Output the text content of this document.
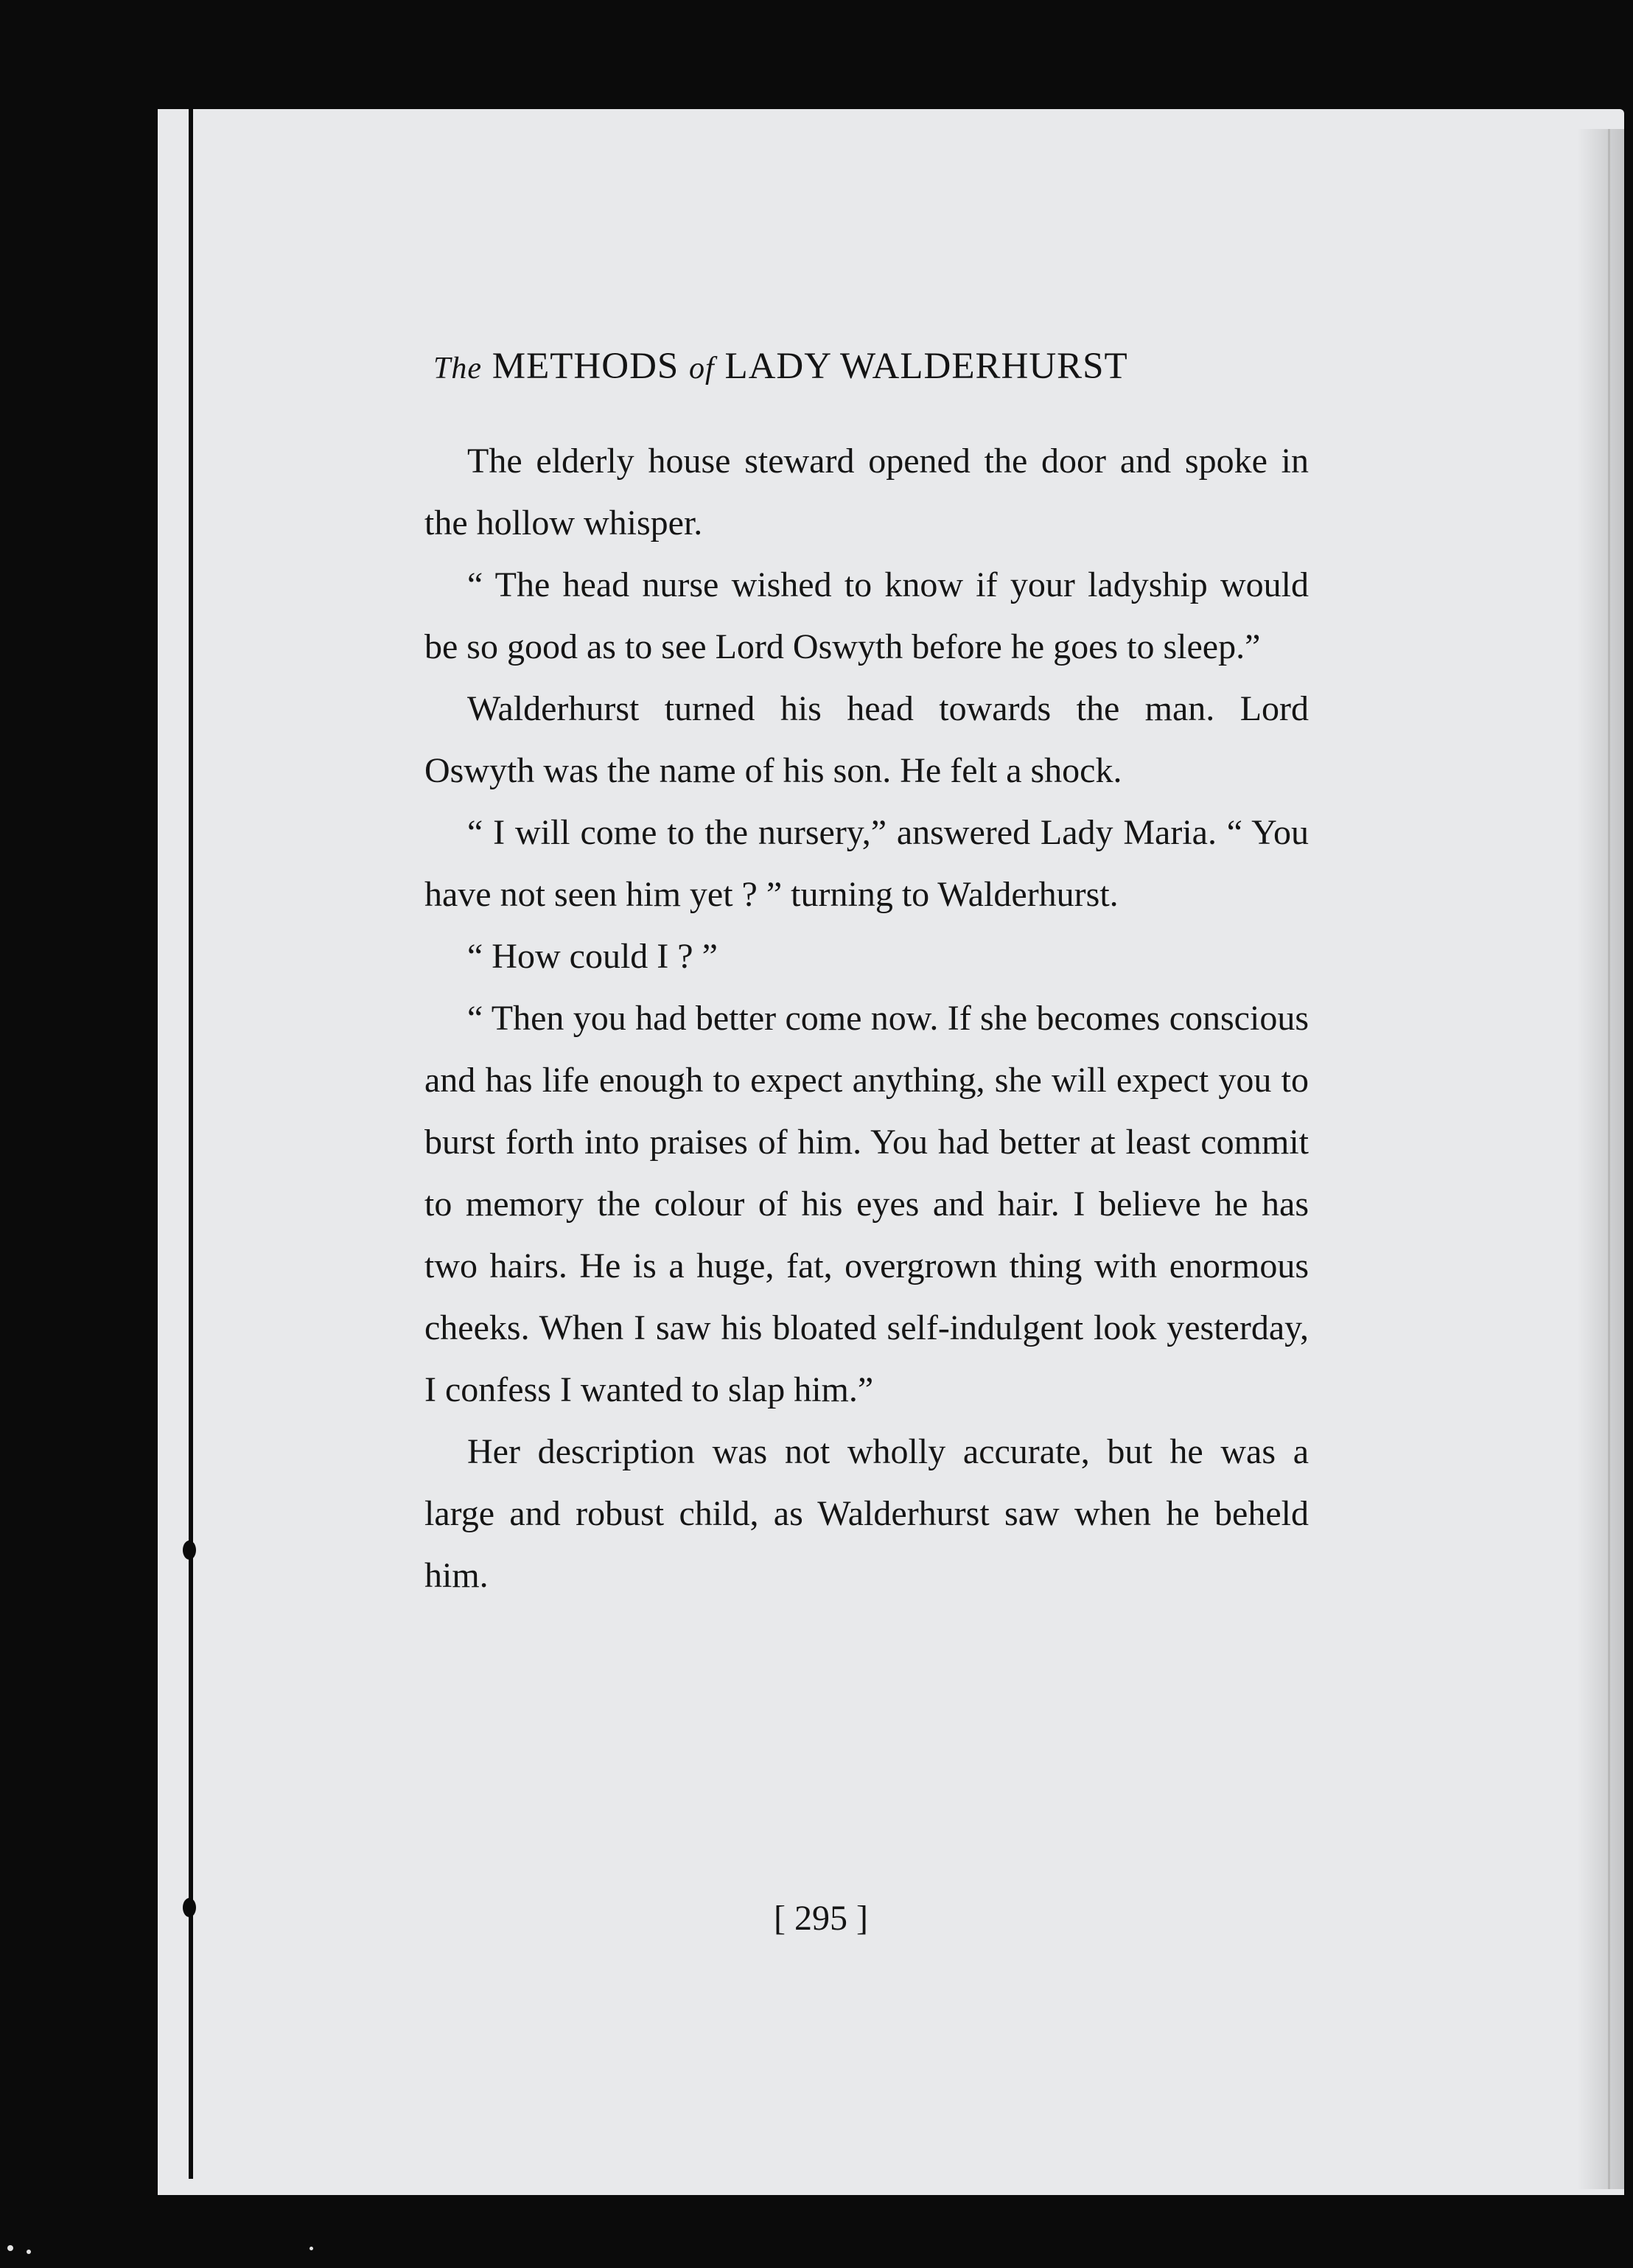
The METHODS of LADY WALDERHURST

The elderly house steward opened the door and spoke in the hollow whisper.

“ The head nurse wished to know if your ladyship would be so good as to see Lord Oswyth before he goes to sleep.”

Walderhurst turned his head towards the man. Lord Oswyth was the name of his son. He felt a shock.

“ I will come to the nursery,” answered Lady Maria. “ You have not seen him yet ? ” turning to Walderhurst.

“ How could I ? ”

“ Then you had better come now. If she becomes conscious and has life enough to expect anything, she will expect you to burst forth into praises of him. You had better at least commit to memory the colour of his eyes and hair. I believe he has two hairs. He is a huge, fat, overgrown thing with enormous cheeks. When I saw his bloated self-indulgent look yesterday, I confess I wanted to slap him.”

Her description was not wholly accurate, but he was a large and robust child, as Walderhurst saw when he beheld him.

[ 295 ]
